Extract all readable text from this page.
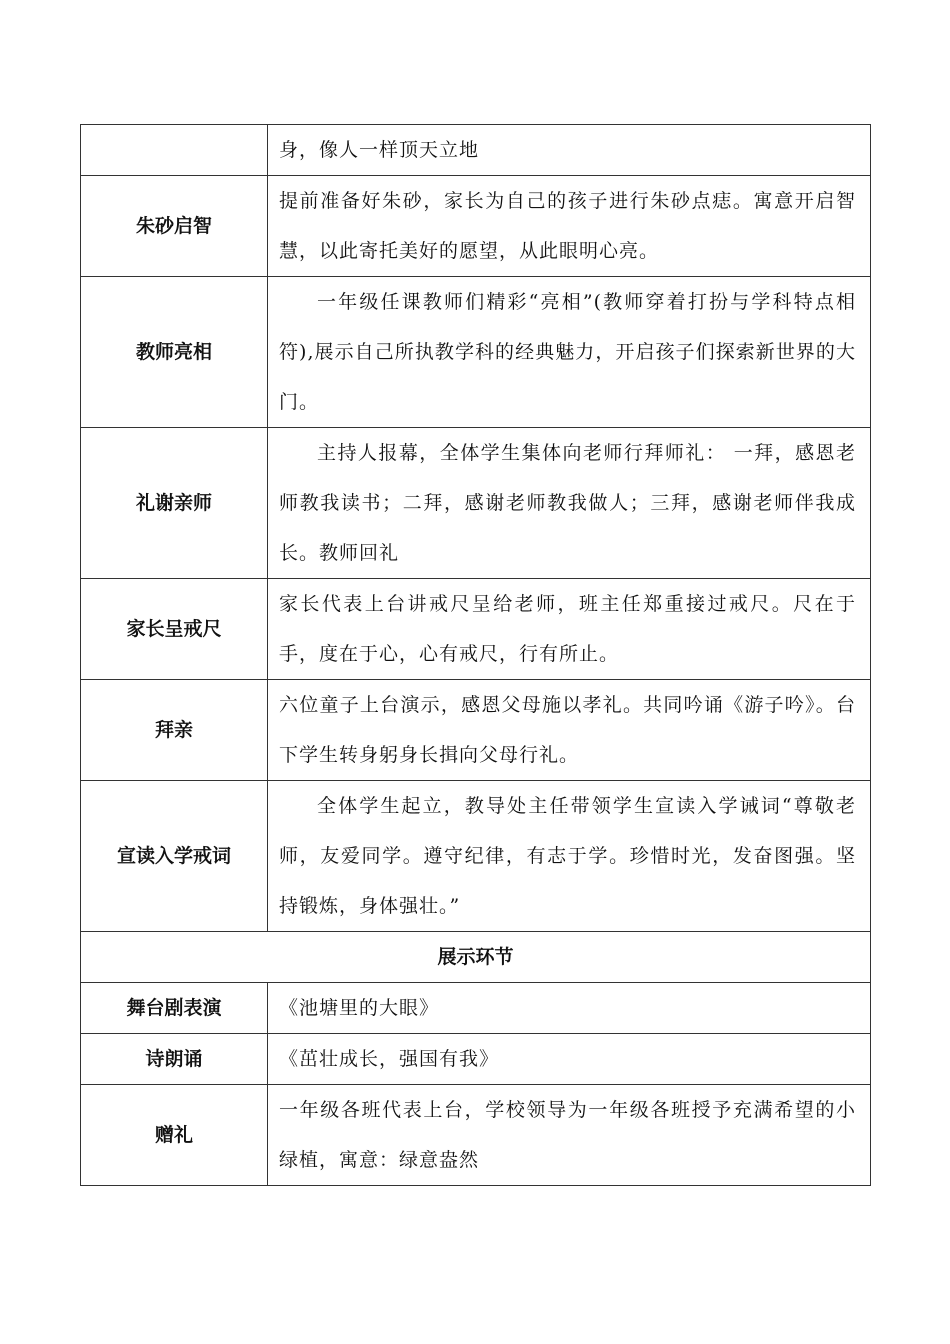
	身，像人一样顶天立地

朱砂启智	提前准备好朱砂，家长为自己的孩子进行朱砂点痣。寓意开启智慧，以此寄托美好的愿望，从此眼明心亮。

教师亮相	一年级任课教师们精彩“亮相”(教师穿着打扮与学科特点相符),展示自己所执教学科的经典魅力，开启孩子们探索新世界的大门。

礼谢亲师	主持人报幕，全体学生集体向老师行拜师礼： 一拜，感恩老师教我读书；二拜，感谢老师教我做人；三拜，感谢老师伴我成长。教师回礼

家长呈戒尺	家长代表上台讲戒尺呈给老师，班主任郑重接过戒尺。尺在于手，度在于心，心有戒尺，行有所止。

拜亲	六位童子上台演示，感恩父母施以孝礼。共同吟诵《游子吟》。台下学生转身躬身长揖向父母行礼。

宣读入学戒词	全体学生起立，教导处主任带领学生宣读入学诫词“尊敬老师，友爱同学。遵守纪律，有志于学。珍惜时光，发奋图强。坚持锻炼，身体强壮。”

展示环节	
舞台剧表演	《池塘里的大眼》

诗朗诵	《茁壮成长，强国有我》

赠礼	一年级各班代表上台，学校领导为一年级各班授予充满希望的小绿植，寓意：绿意盎然
